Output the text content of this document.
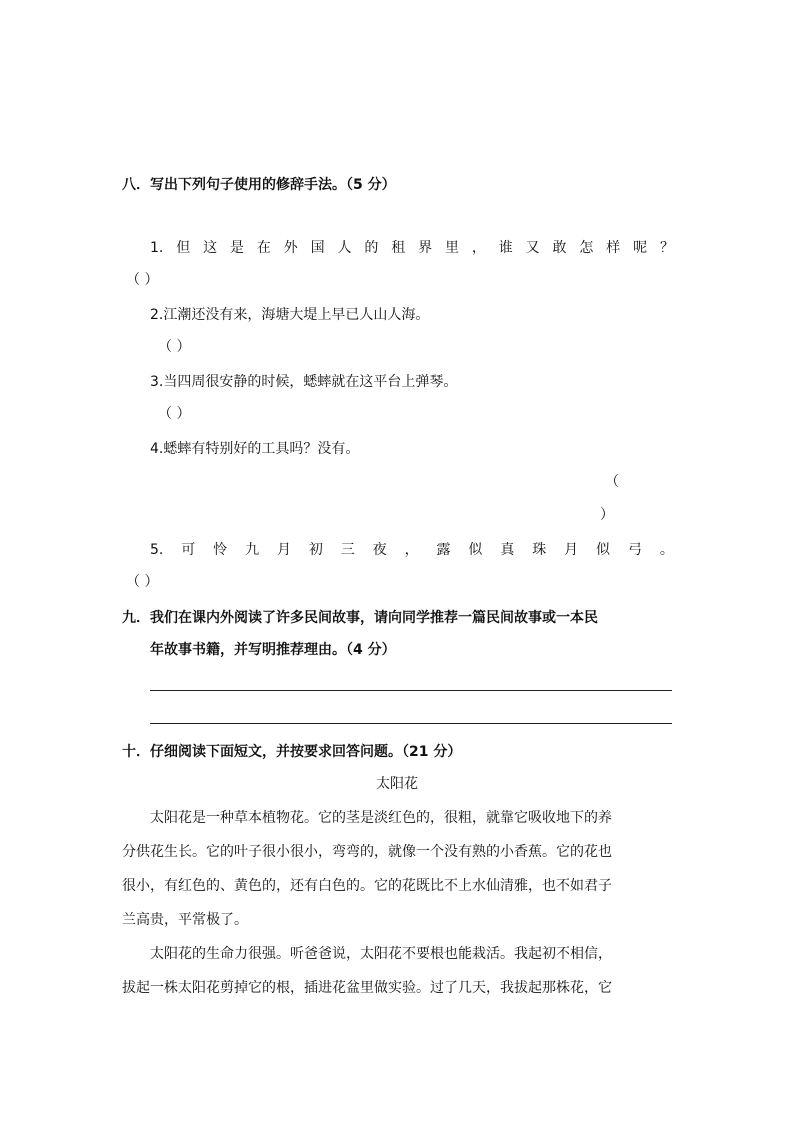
八．写出下列句子使用的修辞手法。（5 分）
1. 但 这 是 在 外 国 人 的 租 界 里 ， 谁 又 敢 怎 样 呢 ？
（ ）
2.江潮还没有来，海塘大堤上早已人山人海。
（ ）
3.当四周很安静的时候，蟋蟀就在这平台上弹琴。
（ ）
4.蟋蟀有特别好的工具吗？没有。
（
）
5. 可 怜 九 月 初 三 夜 ， 露 似 真 珠 月 似 弓 。
（ ）
九．我们在课内外阅读了许多民间故事，请向同学推荐一篇民间故事或一本民
年故事书籍，并写明推荐理由。（4 分）
十．仔细阅读下面短文，并按要求回答问题。（21 分）
太阳花
太阳花是一种草本植物花。它的茎是淡红色的，很粗，就靠它吸收地下的养
分供花生长。它的叶子很小很小，弯弯的，就像一个没有熟的小香蕉。它的花也
很小，有红色的、黄色的，还有白色的。它的花既比不上水仙清雅，也不如君子
兰高贵，平常极了。
太阳花的生命力很强。听爸爸说，太阳花不要根也能栽活。我起初不相信，
拔起一株太阳花剪掉它的根，插进花盆里做实验。过了几天，我拔起那株花，它
